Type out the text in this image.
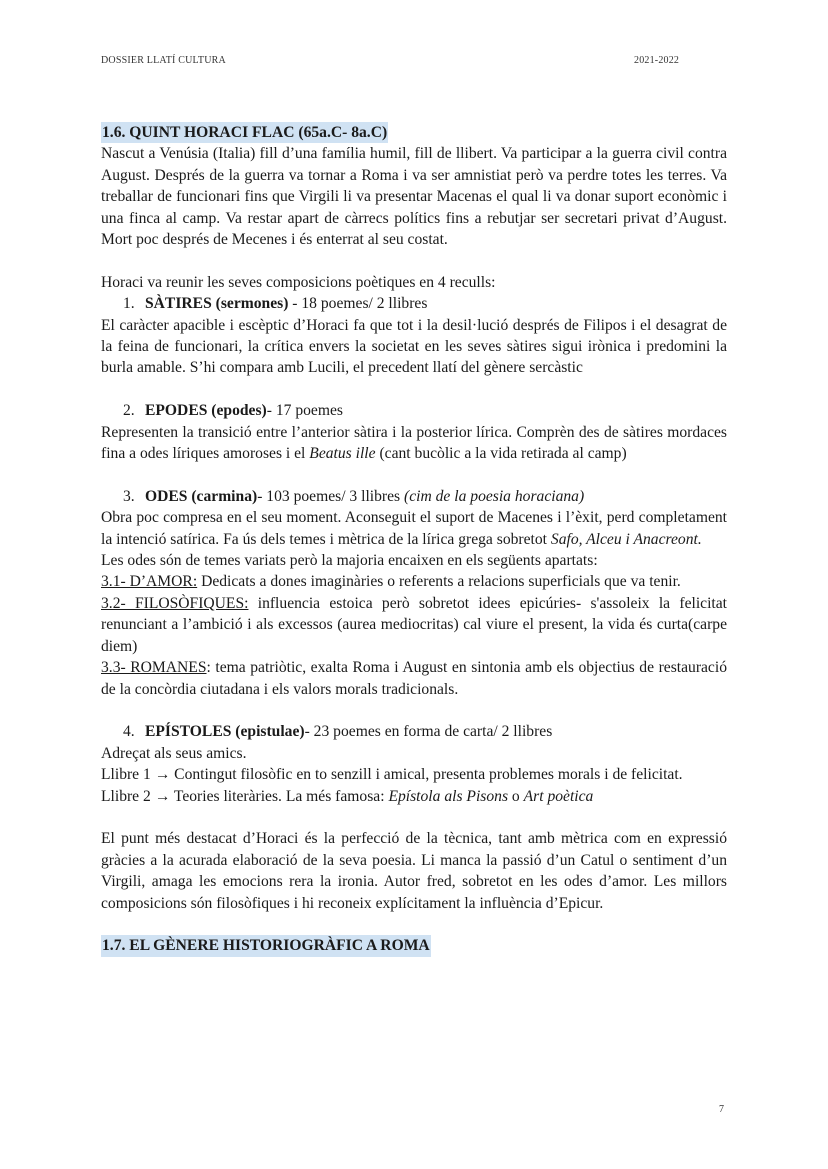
DOSSIER LLATÍ CULTURA	2021-2022
1.6. QUINT HORACI FLAC (65a.C- 8a.C)

Nascut a Venúsia (Italia) fill d’una família humil, fill de llibert. Va participar a la guerra civil contra August. Després de la guerra va tornar a Roma i va ser amnistiat però va perdre totes les terres. Va treballar de funcionari fins que Virgili li va presentar Macenas el qual li va donar suport econòmic i una finca al camp. Va restar apart de càrrecs polítics fins a rebutjar ser secretari privat d’August. Mort poc després de Mecenes i és enterrat al seu costat.

Horaci va reunir les seves composicions poètiques en 4 reculls:

1. SÀTIRES (sermones) - 18 poemes/ 2 llibres

El caràcter apacible i escèptic d’Horaci fa que tot i la desil·lució després de Filipos i el desagrat de la feina de funcionari, la crítica envers la societat en les seves sàtires sigui irònica i predomini la burla amable. S’hi compara amb Lucili, el precedent llatí del gènere sercàstic

2. EPODES (epodes)- 17 poemes

Representen la transició entre l’anterior sàtira i la posterior lírica. Comprèn des de sàtires mordaces fina a odes líriques amoroses i el Beatus ille (cant bucòlic a la vida retirada al camp)

3. ODES (carmina)- 103 poemes/ 3 llibres (cim de la poesia horaciana)

Obra poc compresa en el seu moment. Aconseguit el suport de Macenes i l’èxit, perd completament la intenció satírica. Fa ús dels temes i mètrica de la lírica grega sobretot Safo, Alceu i Anacreont.

Les odes són de temes variats però la majoria encaixen en els següents apartats:

3.1- D’AMOR: Dedicats a dones imaginàries o referents a relacions superficials que va tenir.

3.2- FILOSÒFIQUES: influencia estoica però sobretot idees epicúries- s'assoleix la felicitat renunciant a l’ambició i als excessos (aurea mediocritas) cal viure el present, la vida és curta(carpe diem)

3.3- ROMANES: tema patriòtic, exalta Roma i August en sintonia amb els objectius de restauració de la concòrdia ciutadana i els valors morals tradicionals.

4. EPÍSTOLES (epistulae)- 23 poemes en forma de carta/ 2 llibres

Adreçat als seus amics.

Llibre 1 → Contingut filosòfic en to senzill i amical, presenta problemes morals i de felicitat.

Llibre 2 → Teories literàries. La més famosa: Epístola als Pisons o Art poètica

El punt més destacat d’Horaci és la perfecció de la tècnica, tant amb mètrica com en expressió gràcies a la acurada elaboració de la seva poesia. Li manca la passió d’un Catul o sentiment d’un Virgili, amaga les emocions rera la ironia. Autor fred, sobretot en les odes d’amor. Les millors composicions són filosòfiques i hi reconeix explícitament la influència d’Epicur.

1.7. EL GÈNERE HISTORIOGRÀFIC A ROMA
7
